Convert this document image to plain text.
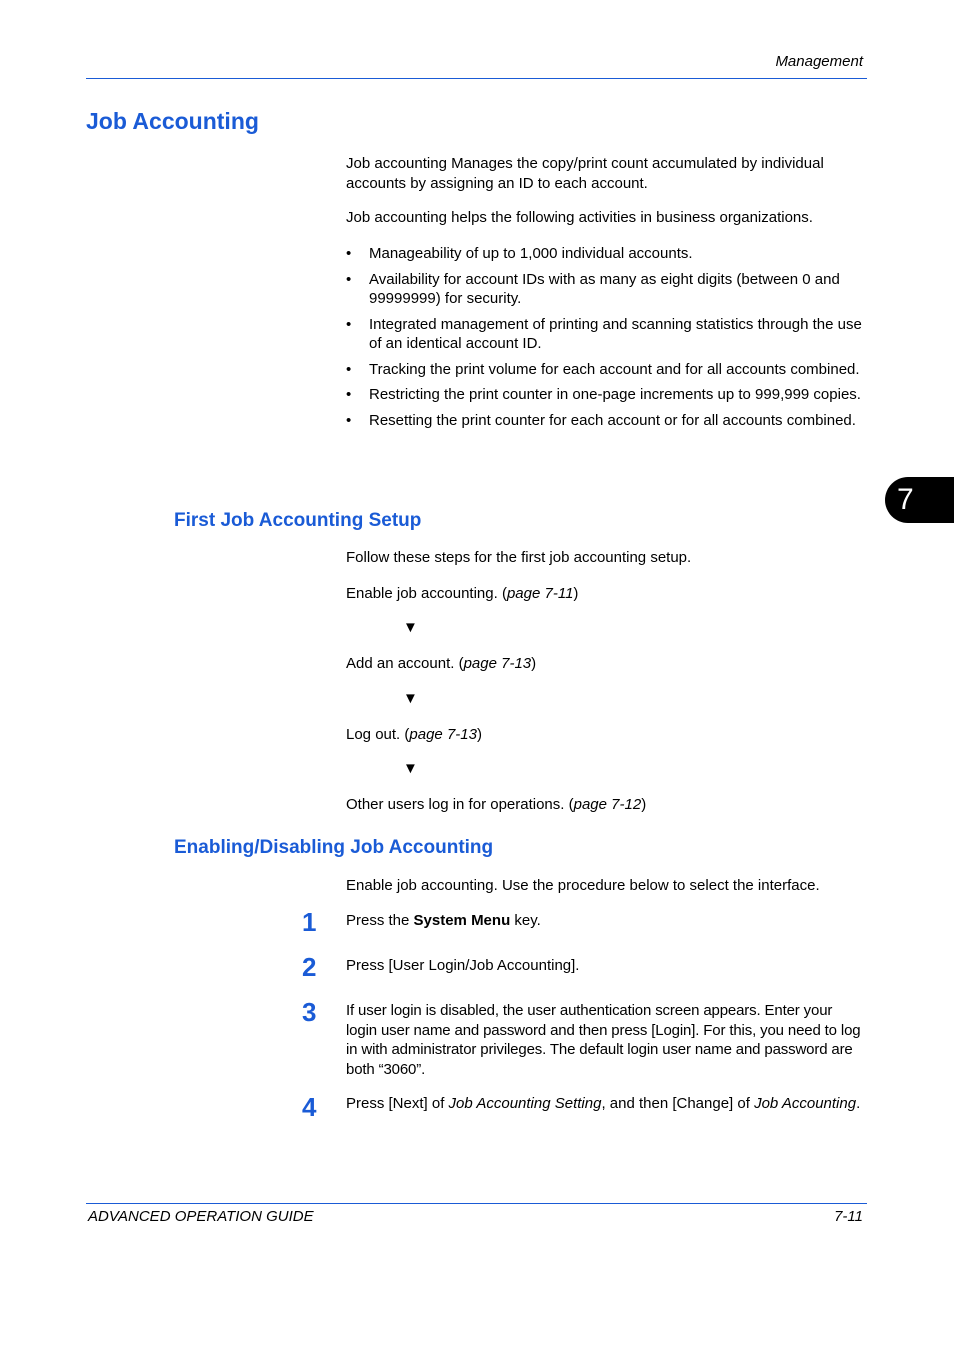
Management
Job Accounting
Job accounting Manages the copy/print count accumulated by individual accounts by assigning an ID to each account.
Job accounting helps the following activities in business organizations.
• Manageability of up to 1,000 individual accounts.
• Availability for account IDs with as many as eight digits (between 0 and 99999999) for security.
• Integrated management of printing and scanning statistics through the use of an identical account ID.
• Tracking the print volume for each account and for all accounts combined.
• Restricting the print counter in one-page increments up to 999,999 copies.
• Resetting the print counter for each account or for all accounts combined.
7
First Job Accounting Setup
Follow these steps for the first job accounting setup.
Enable job accounting. (page 7-11)
▼
Add an account. (page 7-13)
▼
Log out. (page 7-13)
▼
Other users log in for operations. (page 7-12)
Enabling/Disabling Job Accounting
Enable job accounting. Use the procedure below to select the interface.
1 Press the System Menu key.
2 Press [User Login/Job Accounting].
3 If user login is disabled, the user authentication screen appears. Enter your login user name and password and then press [Login]. For this, you need to log in with administrator privileges. The default login user name and password are both “3060”.
4 Press [Next] of Job Accounting Setting, and then [Change] of Job Accounting.
ADVANCED OPERATION GUIDE	7-11
